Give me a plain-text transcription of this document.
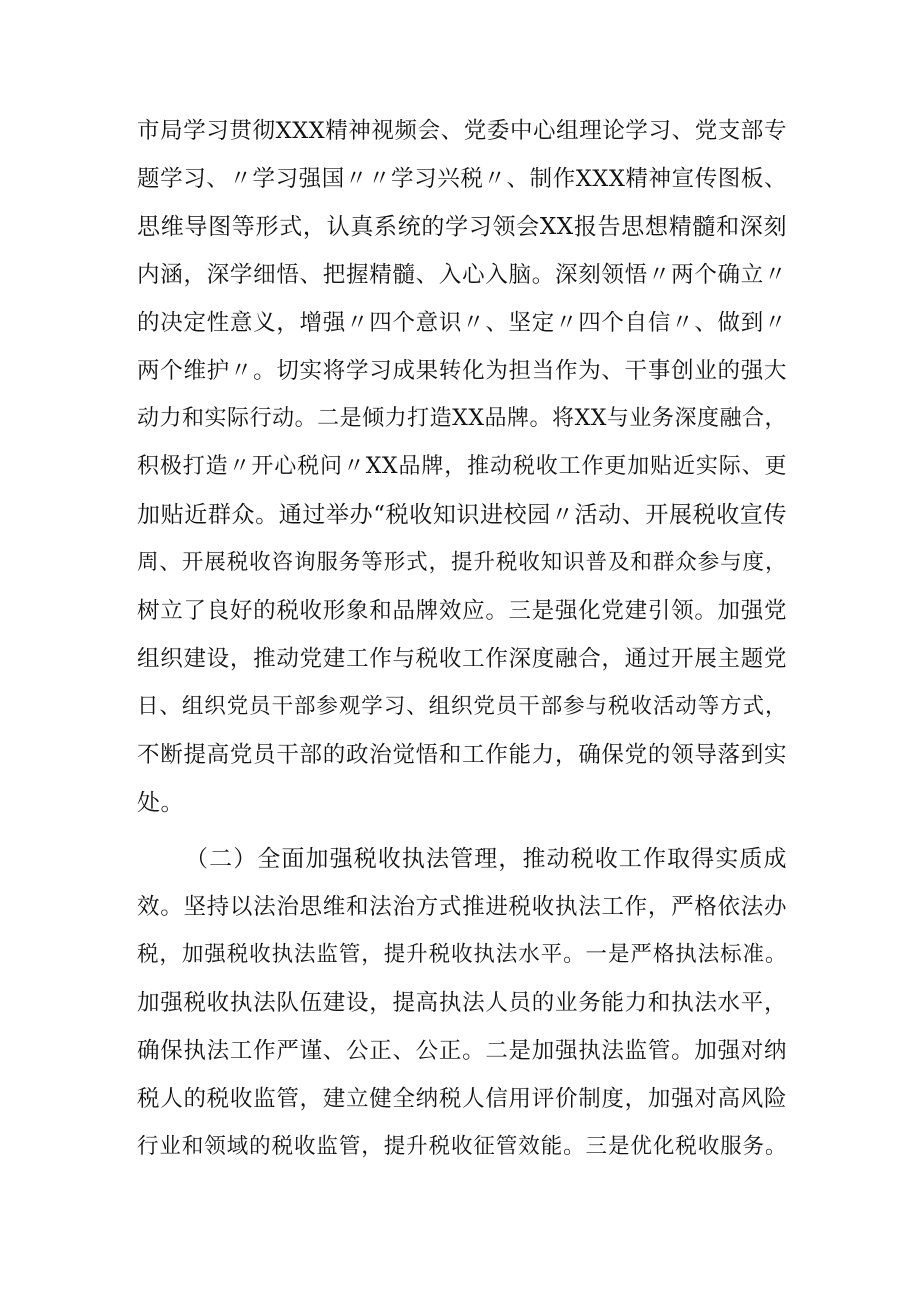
市局学习贯彻XXX精神视频会、党委中心组理论学习、党支部专
题学习、〃学习强国〃〃学习兴税〃、制作XXX精神宣传图板、
思维导图等形式，认真系统的学习领会XX报告思想精髓和深刻
内涵，深学细悟、把握精髓、入心入脑。深刻领悟〃两个确立〃
的决定性意义，增强〃四个意识〃、坚定〃四个自信〃、做到〃
两个维护〃。切实将学习成果转化为担当作为、干事创业的强大
动力和实际行动。二是倾力打造XX品牌。将XX与业务深度融合，
积极打造〃开心税问〃XX品牌，推动税收工作更加贴近实际、更
加贴近群众。通过举办“税收知识进校园〃活动、开展税收宣传
周、开展税收咨询服务等形式，提升税收知识普及和群众参与度，
树立了良好的税收形象和品牌效应。三是强化党建引领。加强党
组织建设，推动党建工作与税收工作深度融合，通过开展主题党
日、组织党员干部参观学习、组织党员干部参与税收活动等方式，
不断提高党员干部的政治觉悟和工作能力，确保党的领导落到实
处。
（二）全面加强税收执法管理，推动税收工作取得实质成
效。坚持以法治思维和法治方式推进税收执法工作，严格依法办
税，加强税收执法监管，提升税收执法水平。一是严格执法标准。
加强税收执法队伍建设，提高执法人员的业务能力和执法水平，
确保执法工作严谨、公正、公正。二是加强执法监管。加强对纳
税人的税收监管，建立健全纳税人信用评价制度，加强对高风险
行业和领域的税收监管，提升税收征管效能。三是优化税收服务。
